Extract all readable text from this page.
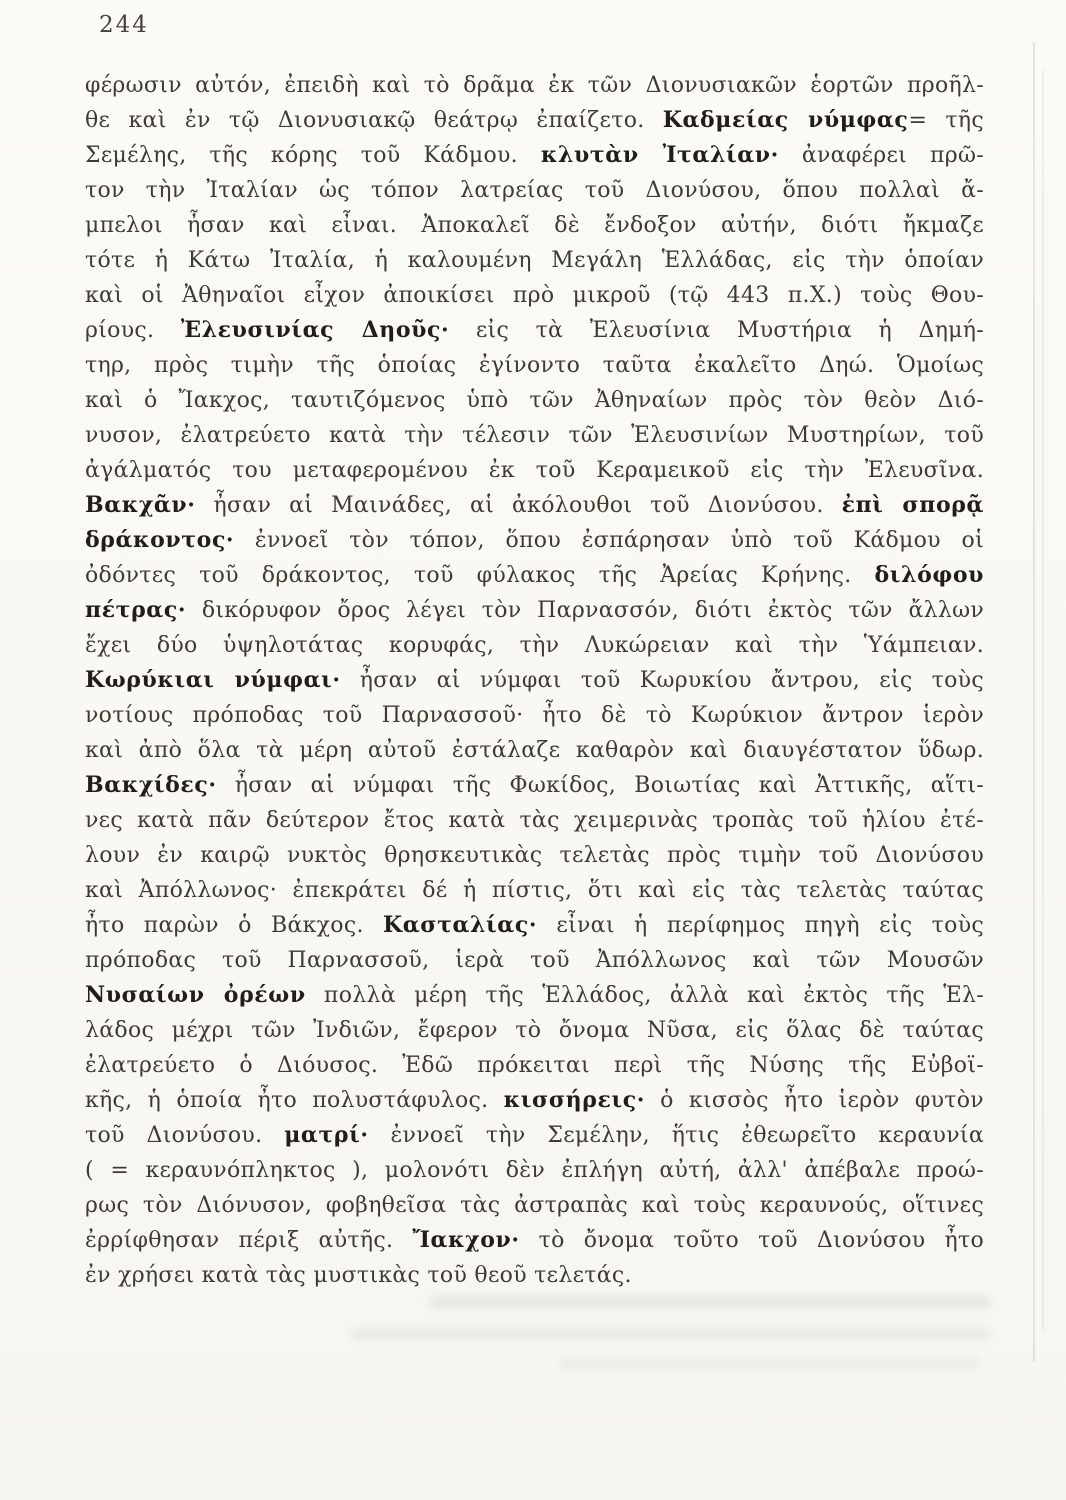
244
φέρωσιν αὐτόν, ἐπειδὴ καὶ τὸ δρᾶμα ἐκ τῶν Διονυσιακῶν ἑορτῶν προῆλ-
θε καὶ ἐν τῷ Διονυσιακῷ θεάτρῳ ἐπαίζετο. Καδμείας νύμφας= τῆς
Σεμέλης, τῆς κόρης τοῦ Κάδμου. κλυτὰν Ἰταλίαν· ἀναφέρει πρῶ-
τον τὴν Ἰταλίαν ὡς τόπον λατρείας τοῦ Διονύσου, ὅπου πολλαὶ ἄ-
μπελοι ἦσαν καὶ εἶναι. Ἀποκαλεῖ δὲ ἔνδοξον αὐτήν, διότι ἤκμαζε
τότε ἡ Κάτω Ἰταλία, ἡ καλουμένη Μεγάλη Ἑλλάδας, εἰς τὴν ὁποίαν
καὶ οἱ Ἀθηναῖοι εἶχον ἀποικίσει πρὸ μικροῦ (τῷ 443 π.Χ.) τοὺς Θου-
ρίους. Ἐλευσινίας Δηοῦς· εἰς τὰ Ἐλευσίνια Μυστήρια ἡ Δημή-
τηρ, πρὸς τιμὴν τῆς ὁποίας ἐγίνοντο ταῦτα ἐκαλεῖτο Δηώ. Ὁμοίως
καὶ ὁ Ἴακχος, ταυτιζόμενος ὑπὸ τῶν Ἀθηναίων πρὸς τὸν θεὸν Διό-
νυσον, ἐλατρεύετο κατὰ τὴν τέλεσιν τῶν Ἐλευσινίων Μυστηρίων, τοῦ
ἀγάλματός του μεταφερομένου ἐκ τοῦ Κεραμεικοῦ εἰς τὴν Ἐλευσῖνα.
Βακχᾶν· ἦσαν αἱ Μαινάδες, αἱ ἀκόλουθοι τοῦ Διονύσου. ἐπὶ σπορᾷ
δράκοντος· ἐννοεῖ τὸν τόπον, ὅπου ἐσπάρησαν ὑπὸ τοῦ Κάδμου οἱ
ὀδόντες τοῦ δράκοντος, τοῦ φύλακος τῆς Ἀρείας Κρήνης. διλόφου
πέτρας· δικόρυφον ὄρος λέγει τὸν Παρνασσόν, διότι ἐκτὸς τῶν ἄλλων
ἔχει δύο ὑψηλοτάτας κορυφάς, τὴν Λυκώρειαν καὶ τὴν Ὑάμπειαν.
Κωρύκιαι νύμφαι· ἦσαν αἱ νύμφαι τοῦ Κωρυκίου ἄντρου, εἰς τοὺς
νοτίους πρόποδας τοῦ Παρνασσοῦ· ἦτο δὲ τὸ Κωρύκιον ἄντρον ἱερὸν
καὶ ἀπὸ ὅλα τὰ μέρη αὐτοῦ ἐστάλαζε καθαρὸν καὶ διαυγέστατον ὕδωρ.
Βακχίδες· ἦσαν αἱ νύμφαι τῆς Φωκίδος, Βοιωτίας καὶ Ἀττικῆς, αἵτι-
νες κατὰ πᾶν δεύτερον ἔτος κατὰ τὰς χειμερινὰς τροπὰς τοῦ ἡλίου ἐτέ-
λουν ἐν καιρῷ νυκτὸς θρησκευτικὰς τελετὰς πρὸς τιμὴν τοῦ Διονύσου
καὶ Ἀπόλλωνος· ἐπεκράτει δέ ἡ πίστις, ὅτι καὶ εἰς τὰς τελετὰς ταύτας
ἦτο παρὼν ὁ Βάκχος. Κασταλίας· εἶναι ἡ περίφημος πηγὴ εἰς τοὺς
πρόποδας τοῦ Παρνασσοῦ, ἱερὰ τοῦ Ἀπόλλωνος καὶ τῶν Μουσῶν
Νυσαίων ὀρέων πολλὰ μέρη τῆς Ἑλλάδος, ἀλλὰ καὶ ἐκτὸς τῆς Ἑλ-
λάδος μέχρι τῶν Ἰνδιῶν, ἔφερον τὸ ὄνομα Νῦσα, εἰς ὅλας δὲ ταύτας
ἐλατρεύετο ὁ Διόυσος. Ἐδῶ πρόκειται περὶ τῆς Νύσης τῆς Εὐβοϊ-
κῆς, ἡ ὁποία ἦτο πολυστάφυλος. κισσήρεις· ὁ κισσὸς ἦτο ἱερὸν φυτὸν
τοῦ Διονύσου. ματρί· ἐννοεῖ τὴν Σεμέλην, ἥτις ἐθεωρεῖτο κεραυνία
( = κεραυνόπληκτος ), μολονότι δὲν ἐπλήγη αὐτή, ἀλλ' ἀπέβαλε προώ-
ρως τὸν Διόνυσον, φοβηθεῖσα τὰς ἀστραπὰς καὶ τοὺς κεραυνούς, οἵτινες
ἐρρίφθησαν πέριξ αὐτῆς. Ἴακχον· τὸ ὄνομα τοῦτο τοῦ Διονύσου ἦτο
ἐν χρήσει κατὰ τὰς μυστικὰς τοῦ θεοῦ τελετάς.
